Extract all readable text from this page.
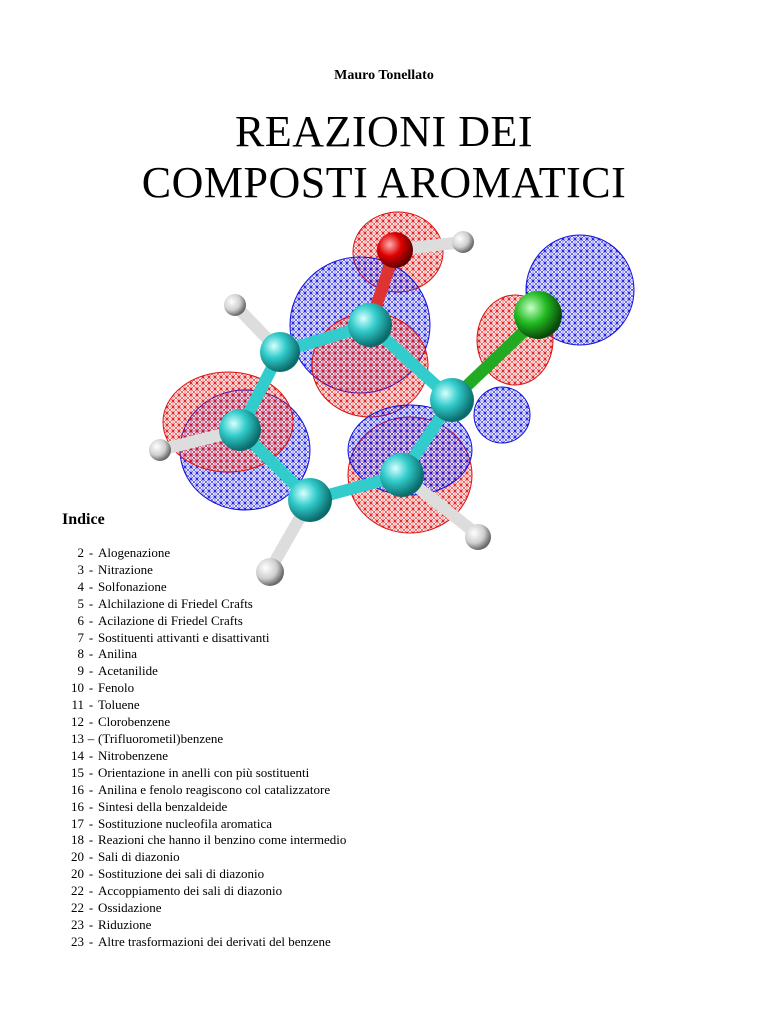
Mauro Tonellato
REAZIONI DEI
COMPOSTI AROMATICI
Indice
2 - Alogenazione
3 - Nitrazione
4 - Solfonazione
5 - Alchilazione di Friedel Crafts
6 - Acilazione di Friedel Crafts
7 - Sostituenti attivanti e disattivanti
8 - Anilina
9 - Acetanilide
10 - Fenolo
11 - Toluene
12 - Clorobenzene
13 – (Trifluorometil)benzene
14 - Nitrobenzene
15 - Orientazione in anelli con più sostituenti
16 - Anilina e fenolo reagiscono col catalizzatore
16 - Sintesi della benzaldeide
17 - Sostituzione nucleofila aromatica
18 - Reazioni che hanno il benzino come intermedio
20 - Sali di diazonio
20 - Sostituzione dei sali di diazonio
22 - Accoppiamento dei sali di diazonio
22 - Ossidazione
23 - Riduzione
23 - Altre trasformazioni dei derivati del benzene
